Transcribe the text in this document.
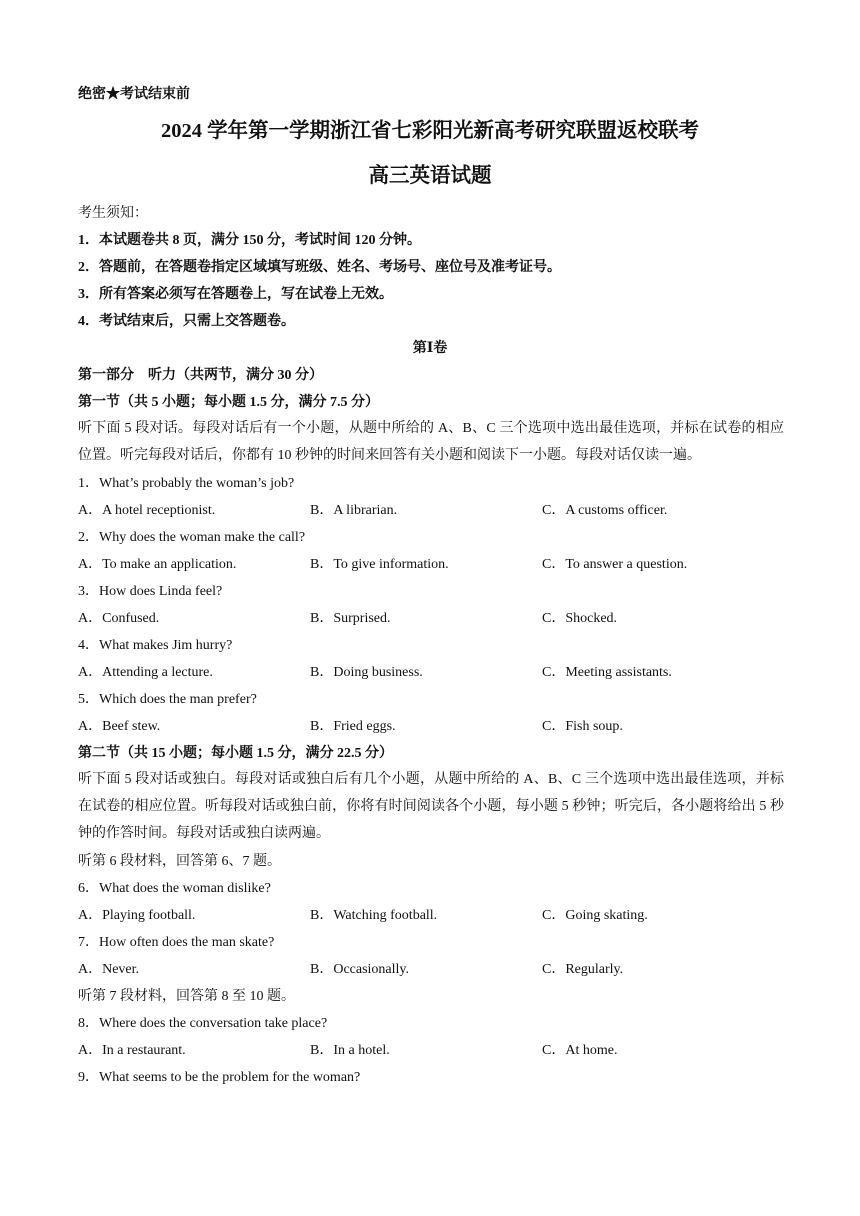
绝密★考试结束前
2024 学年第一学期浙江省七彩阳光新高考研究联盟返校联考
高三英语试题
考生须知：
1．本试题卷共 8 页，满分 150 分，考试时间 120 分钟。
2．答题前，在答题卷指定区域填写班级、姓名、考场号、座位号及准考证号。
3．所有答案必须写在答题卷上，写在试卷上无效。
4．考试结束后，只需上交答题卷。
第Ⅰ卷
第一部分　听力（共两节，满分 30 分）
第一节（共 5 小题；每小题 1.5 分，满分 7.5 分）
听下面 5 段对话。每段对话后有一个小题，从题中所给的 A、B、C 三个选项中选出最佳选项，并标在试卷的相应位置。听完每段对话后，你都有 10 秒钟的时间来回答有关小题和阅读下一小题。每段对话仅读一遍。
1．What’s probably the woman’s job?
A．A hotel receptionist.	B．A librarian.	C．A customs officer.
2．Why does the woman make the call?
A．To make an application.	B．To give information.	C．To answer a question.
3．How does Linda feel?
A．Confused.	B．Surprised.	C．Shocked.
4．What makes Jim hurry?
A．Attending a lecture.	B．Doing business.	C．Meeting assistants.
5．Which does the man prefer?
A．Beef stew.	B．Fried eggs.	C．Fish soup.
第二节（共 15 小题；每小题 1.5 分，满分 22.5 分）
听下面 5 段对话或独白。每段对话或独白后有几个小题，从题中所给的 A、B、C 三个选项中选出最佳选项，并标在试卷的相应位置。听每段对话或独白前，你将有时间阅读各个小题，每小题 5 秒钟；听完后，各小题将给出 5 秒钟的作答时间。每段对话或独白读两遍。
听第 6 段材料，回答第 6、7 题。
6．What does the woman dislike?
A．Playing football.	B．Watching football.	C．Going skating.
7．How often does the man skate?
A．Never.	B．Occasionally.	C．Regularly.
听第 7 段材料，回答第 8 至 10 题。
8．Where does the conversation take place?
A．In a restaurant.	B．In a hotel.	C．At home.
9．What seems to be the problem for the woman?
